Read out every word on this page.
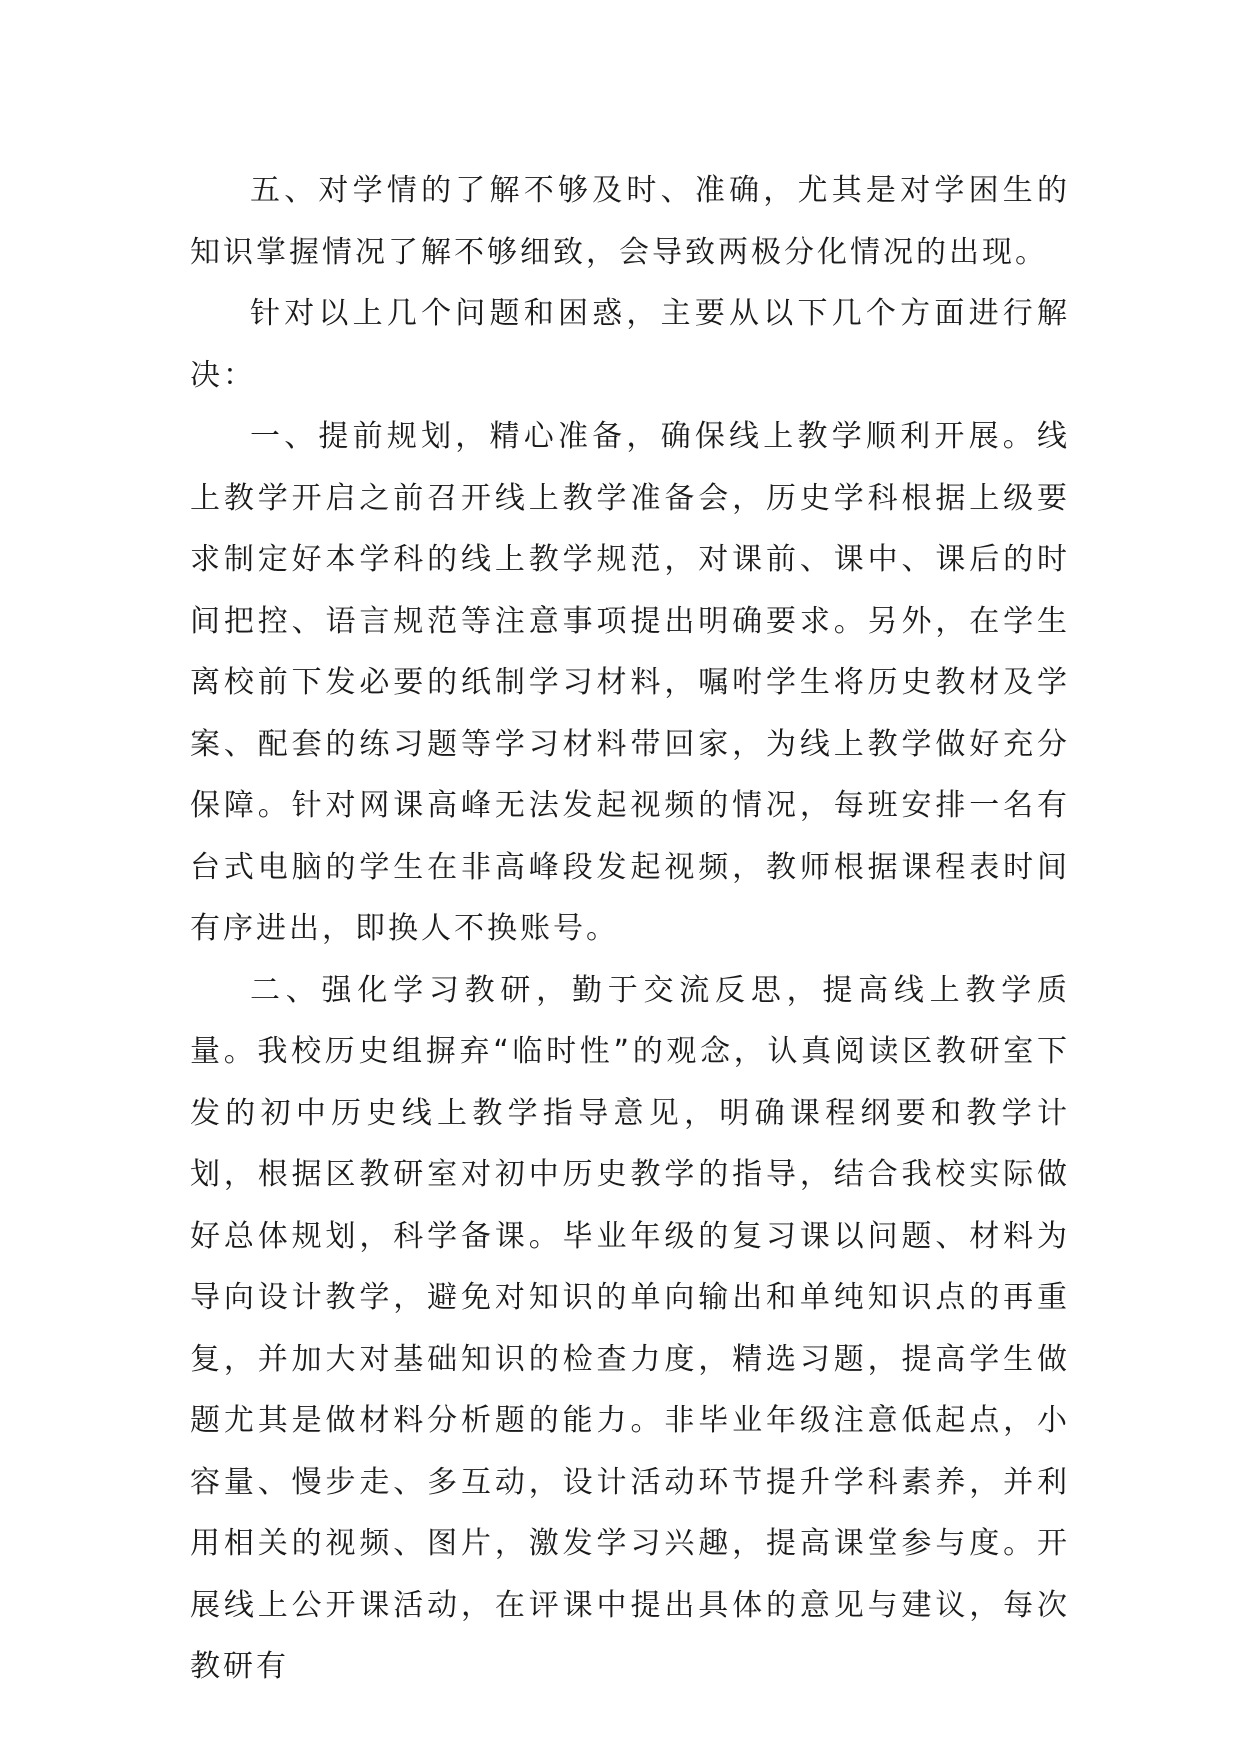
五、对学情的了解不够及时、准确，尤其是对学困生的知识掌握情况了解不够细致，会导致两极分化情况的出现。

针对以上几个问题和困惑，主要从以下几个方面进行解决：

一、提前规划，精心准备，确保线上教学顺利开展。线上教学开启之前召开线上教学准备会，历史学科根据上级要求制定好本学科的线上教学规范，对课前、课中、课后的时间把控、语言规范等注意事项提出明确要求。另外，在学生离校前下发必要的纸制学习材料，嘱咐学生将历史教材及学案、配套的练习题等学习材料带回家，为线上教学做好充分保障。针对网课高峰无法发起视频的情况，每班安排一名有台式电脑的学生在非高峰段发起视频，教师根据课程表时间有序进出，即换人不换账号。

二、强化学习教研，勤于交流反思，提高线上教学质量。我校历史组摒弃“临时性”的观念，认真阅读区教研室下发的初中历史线上教学指导意见，明确课程纲要和教学计划，根据区教研室对初中历史教学的指导，结合我校实际做好总体规划，科学备课。毕业年级的复习课以问题、材料为导向设计教学，避免对知识的单向输出和单纯知识点的再重复，并加大对基础知识的检查力度，精选习题，提高学生做题尤其是做材料分析题的能力。非毕业年级注意低起点，小容量、慢步走、多互动，设计活动环节提升学科素养，并利用相关的视频、图片，激发学习兴趣，提高课堂参与度。开展线上公开课活动，在评课中提出具体的意见与建议，每次教研有
